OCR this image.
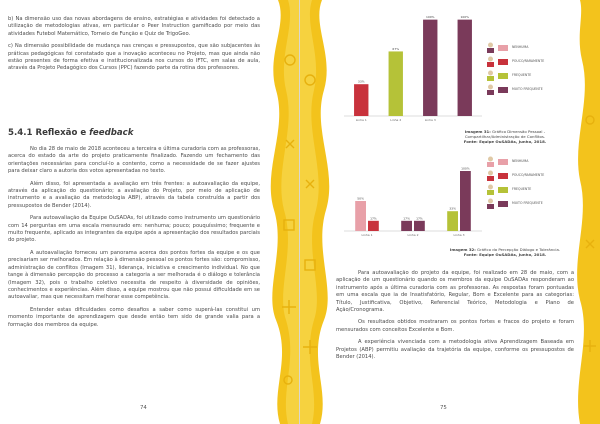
b) Na dimensão uso das novas abordagens de ensino, estratégias e atividades foi detectado a utilização de metodologias ativas, em particular o Peer Instruction gamificado por meio das atividades Futebol Matemático, Torneio de Função e Quiz de TrigoGeo.

c) Na dimensão possibilidade de mudança nas crenças e pressupostos, que são subjacentes às práticas pedagógicas foi constatado que a inovação aconteceu no Projeto, mas que ainda não estão presentes de forma efetiva e institucionalizada nos cursos do IFTC, em salas de aula, através da Projeto Pedagógico dos Cursos (PPC) fazendo parte da rotina dos professores.

5.4.1 Reflexão e feedback

No dia 28 de maio de 2018 aconteceu a terceira e última curadoria com as professoras, acerca do estado da arte do projeto praticamente finalizado. Fazendo um fechamento das orientações necessárias para concluí-lo a contento, como a necessidade de se fazer ajustes para deixar claro a autoria dos votos apresentadas no texto.

Além disso, foi apresentada a avaliação em três frentes: a autoavaliação da equipe, através da aplicação do questionário; a avaliação do Projeto, por meio de aplicação de instrumento e a avaliação da metodologia ABP), através da tabela construída a partir dos pressupostos de Bender (2014).

Para autoavaliação da Equipe OuSADAs, foi utilizado como instrumento um questionário com 14 perguntas em uma escala mensurado em: nenhuma; pouco; pouquíssimo; frequente e muito frequente, aplicado as integrantes da equipe após a apresentação dos resultados parciais do projeto.

A autoavaliação forneceu um panorama acerca dos pontos fortes da equipe e os que precisariam ser melhorados. Em relação à dimensão pessoal os pontos fortes são: compromisso, administração de conflitos (Imagem 31), liderança, iniciativa e crescimento individual. No que tange à dimensão percepção do processo a categoria a ser melhorada é o diálogo e tolerância (Imagem 32), pois o trabalho coletivo necessita de respeito à diversidade de opiniões, conhecimentos e experiências. Além disso, a equipe mostrou que não possui dificuldade em se autoavaliar, mas que necessitam melhorar esse competência.

Entender estas dificuldades como desafios a saber como superá-las constitui um momento importante de aprendizagem que desde então tem sido de grande valia para a formação dos membros da equipe.

74
33%
67%
100%	100%
Linha 1	Linha 2	Linha 3
NENHUMA
POUCO/RARAMENTE
FREQUENTE
MUITO FREQUENTE
Imagem 31: Gráfico Dimensão Pessoal - Compartilhar/Administração de Conflitos.
Fonte: Equipe OuSADAs, Junho, 2018.
50%
17%	17% 17%
33%
100%
Linha 1	Linha 2	Linha 3
NENHUMA
POUCO/RARAMENTE
FREQUENTE
MUITO FREQUENTE
Imagem 32: Gráfico da Percepção Diálogo e Tolerância.
Fonte: Equipe OuSADAs, Junho, 2018.

Para autoavaliação do projeto da equipe, foi realizado em 28 de maio, com a aplicação de um questionário quando os membros da equipe OuSADAs responderam ao instrumento após a última curadoria com as professoras. As respostas foram pontuadas em uma escala que ia de Insatisfatório, Regular, Bom e Excelente para as categorias: Título, Justificativa, Objetivo, Referencial Teórico, Metodologia e Plano de Ação/Cronograma.

Os resultados obtidos mostraram os pontos fortes e fracos do projeto e foram mensurados com conceitos Excelente e Bom.

A experiência vivenciada com a metodologia ativa Aprendizagem Baseada em Projetos (ABP) permitiu avaliação da trajetória da equipe, conforme os pressupostos de Bender (2014).

75
